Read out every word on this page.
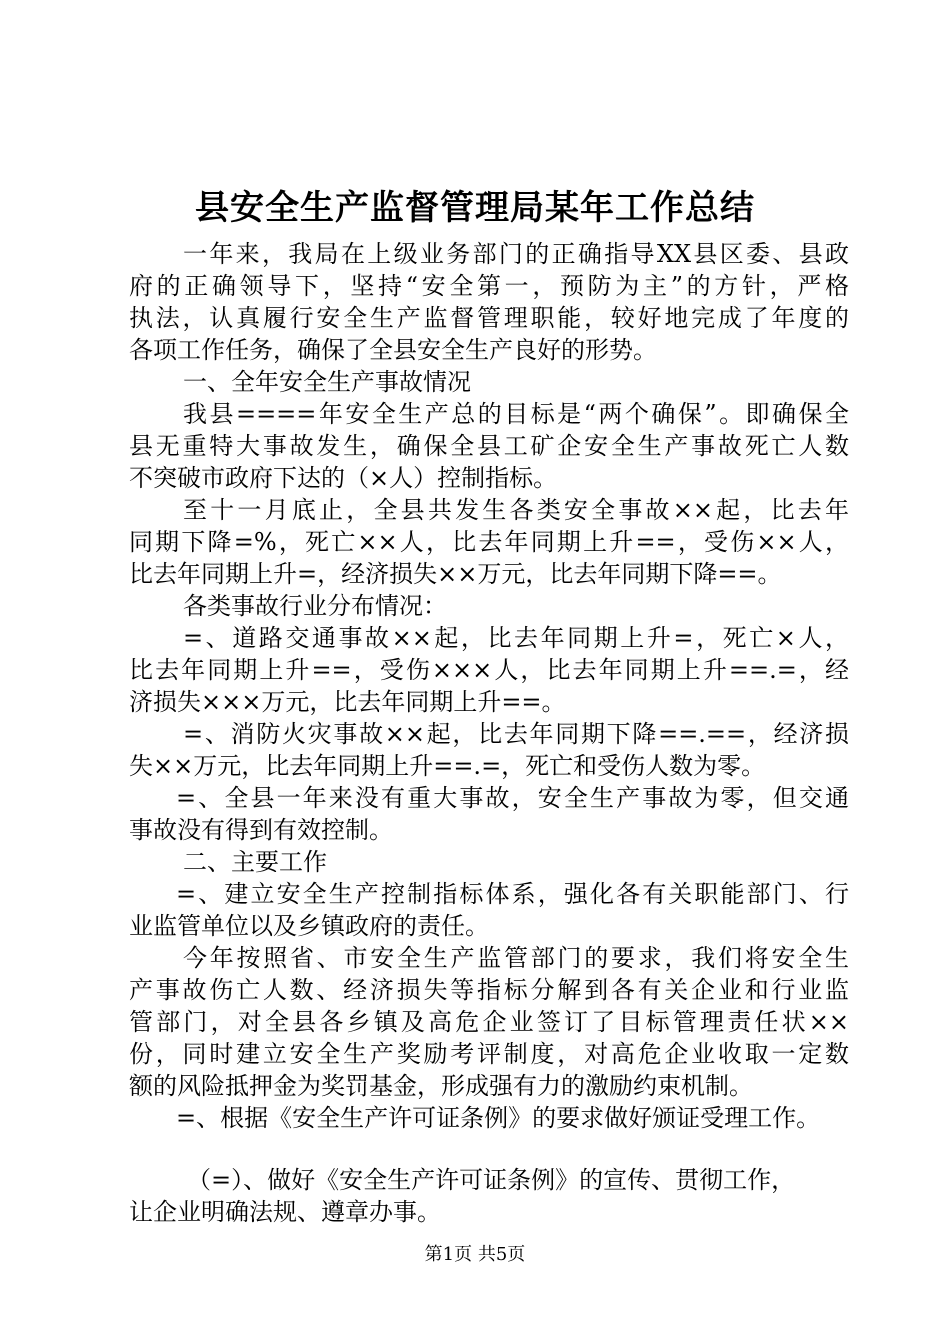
县安全生产监督管理局某年工作总结
一年来，我局在上级业务部门的正确指导XX县区委、县政
府的正确领导下，坚持“安全第一，预防为主”的方针，严格
执法，认真履行安全生产监督管理职能，较好地完成了年度的
各项工作任务，确保了全县安全生产良好的形势。
一、全年安全生产事故情况
我县====年安全生产总的目标是“两个确保”。即确保全
县无重特大事故发生，确保全县工矿企安全生产事故死亡人数
不突破市政府下达的（×人）控制指标。
至十一月底止，全县共发生各类安全事故××起，比去年
同期下降=%，死亡××人，比去年同期上升==，受伤××人，
比去年同期上升=，经济损失××万元，比去年同期下降==。
各类事故行业分布情况：
=、道路交通事故××起，比去年同期上升=，死亡×人，
比去年同期上升==，受伤×××人，比去年同期上升==.=，经
济损失×××万元，比去年同期上升==。
=、消防火灾事故××起，比去年同期下降==.==，经济损
失××万元，比去年同期上升==.=，死亡和受伤人数为零。
=、全县一年来没有重大事故，安全生产事故为零，但交通
事故没有得到有效控制。
二、主要工作
=、建立安全生产控制指标体系，强化各有关职能部门、行
业监管单位以及乡镇政府的责任。
今年按照省、市安全生产监管部门的要求，我们将安全生
产事故伤亡人数、经济损失等指标分解到各有关企业和行业监
管部门，对全县各乡镇及高危企业签订了目标管理责任状××
份，同时建立安全生产奖励考评制度，对高危企业收取一定数
额的风险抵押金为奖罚基金，形成强有力的激励约束机制。
=、根据《安全生产许可证条例》的要求做好颁证受理工作。
（=）、做好《安全生产许可证条例》的宣传、贯彻工作，
让企业明确法规、遵章办事。
第1页 共5页
